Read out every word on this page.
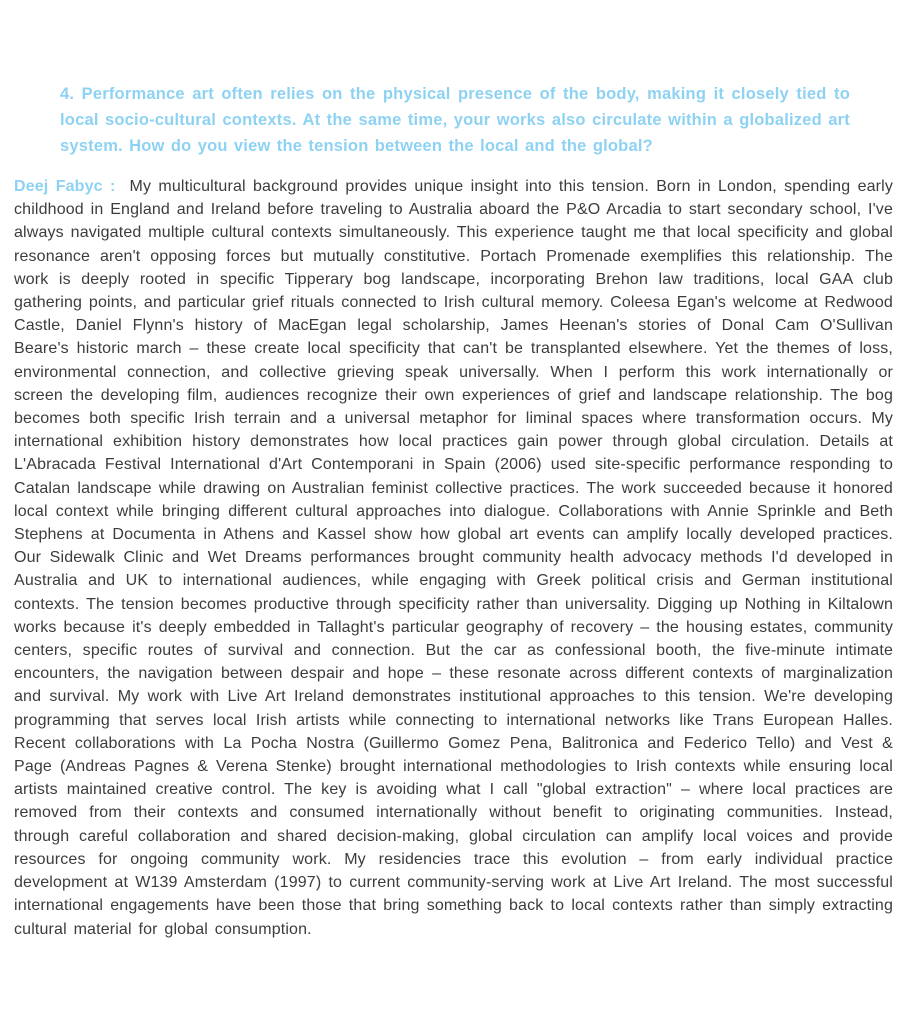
4. Performance art often relies on the physical presence of the body, making it closely tied to local socio-cultural contexts. At the same time, your works also circulate within a globalized art system. How do you view the tension between the local and the global?

Deej Fabyc : My multicultural background provides unique insight into this tension. Born in London, spending early childhood in England and Ireland before traveling to Australia aboard the P&O Arcadia to start secondary school, I've always navigated multiple cultural contexts simultaneously. This experience taught me that local specificity and global resonance aren't opposing forces but mutually constitutive. Portach Promenade exemplifies this relationship. The work is deeply rooted in specific Tipperary bog landscape, incorporating Brehon law traditions, local GAA club gathering points, and particular grief rituals connected to Irish cultural memory. Coleesa Egan's welcome at Redwood Castle, Daniel Flynn's history of MacEgan legal scholarship, James Heenan's stories of Donal Cam O'Sullivan Beare's historic march – these create local specificity that can't be transplanted elsewhere. Yet the themes of loss, environmental connection, and collective grieving speak universally. When I perform this work internationally or screen the developing film, audiences recognize their own experiences of grief and landscape relationship. The bog becomes both specific Irish terrain and a universal metaphor for liminal spaces where transformation occurs. My international exhibition history demonstrates how local practices gain power through global circulation. Details at L'Abracada Festival International d'Art Contemporani in Spain (2006) used site-specific performance responding to Catalan landscape while drawing on Australian feminist collective practices. The work succeeded because it honored local context while bringing different cultural approaches into dialogue. Collaborations with Annie Sprinkle and Beth Stephens at Documenta in Athens and Kassel show how global art events can amplify locally developed practices. Our Sidewalk Clinic and Wet Dreams performances brought community health advocacy methods I'd developed in Australia and UK to international audiences, while engaging with Greek political crisis and German institutional contexts. The tension becomes productive through specificity rather than universality. Digging up Nothing in Kiltalown works because it's deeply embedded in Tallaght's particular geography of recovery – the housing estates, community centers, specific routes of survival and connection. But the car as confessional booth, the five-minute intimate encounters, the navigation between despair and hope – these resonate across different contexts of marginalization and survival. My work with Live Art Ireland demonstrates institutional approaches to this tension. We're developing programming that serves local Irish artists while connecting to international networks like Trans European Halles. Recent collaborations with La Pocha Nostra (Guillermo Gomez Pena, Balitronica and Federico Tello) and Vest & Page (Andreas Pagnes & Verena Stenke) brought international methodologies to Irish contexts while ensuring local artists maintained creative control. The key is avoiding what I call "global extraction" – where local practices are removed from their contexts and consumed internationally without benefit to originating communities. Instead, through careful collaboration and shared decision-making, global circulation can amplify local voices and provide resources for ongoing community work. My residencies trace this evolution – from early individual practice development at W139 Amsterdam (1997) to current community-serving work at Live Art Ireland. The most successful international engagements have been those that bring something back to local contexts rather than simply extracting cultural material for global consumption.
